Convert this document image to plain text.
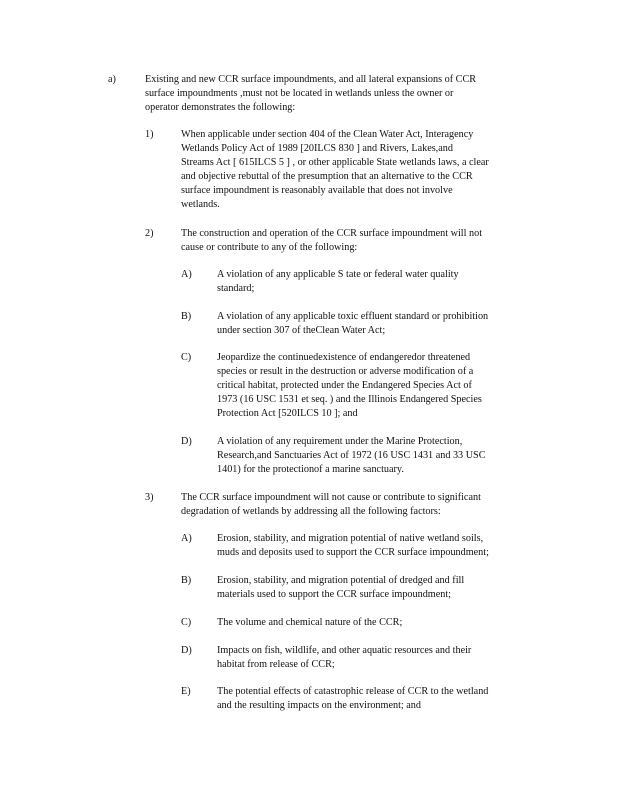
a)	Existing and new CCR surface impoundments, and all lateral expansions of CCR
surface impoundments ,must not be located in wetlands unless the owner or
operator demonstrates the following:
1)	When applicable under section 404 of the Clean Water Act, Interagency
Wetlands Policy Act of 1989 [20ILCS 830 ] and Rivers, Lakes,and
Streams Act [ 615ILCS 5 ] , or other applicable State wetlands laws, a clear
and objective rebuttal of the presumption that an alternative to the CCR
surface impoundment is reasonably available that does not involve
wetlands.
2)	The construction and operation of the CCR surface impoundment will not
cause or contribute to any of the following:
A) A violation of any applicable S tate or federal water quality
standard;
B)	A violation of any applicable toxic effluent standard or prohibition
under section 307 of theClean Water Act;
C)	Jeopardize the continuedexistence of endangeredor threatened
species or result in the destruction or adverse modification of a
critical habitat, protected under the Endangered Species Act of
1973 (16 USC 1531 et seq. ) and the Illinois Endangered Species
Protection Act [520ILCS 10 ]; and
D) A violation of any requirement under the Marine Protection,
Research,and Sanctuaries Act of 1972 (16 USC 1431 and 33 USC
1401) for the protectionof a marine sanctuary.
3)	The CCR surface impoundment will not cause or contribute to significant
degradation of wetlands by addressing all the following factors:
A) Erosion, stability, and migration potential of native wetland soils,
muds and deposits used to support the CCR surface impoundment;
B)	Erosion, stability, and migration potential of dredged and fill
materials used to support the CCR surface impoundment;
C)	The volume and chemical nature of the CCR;
D) Impacts on fish, wildlife, and other aquatic resources and their
habitat from release of CCR;
E)	The potential effects of catastrophic release of CCR to the wetland
and the resulting impacts on the environment; and
